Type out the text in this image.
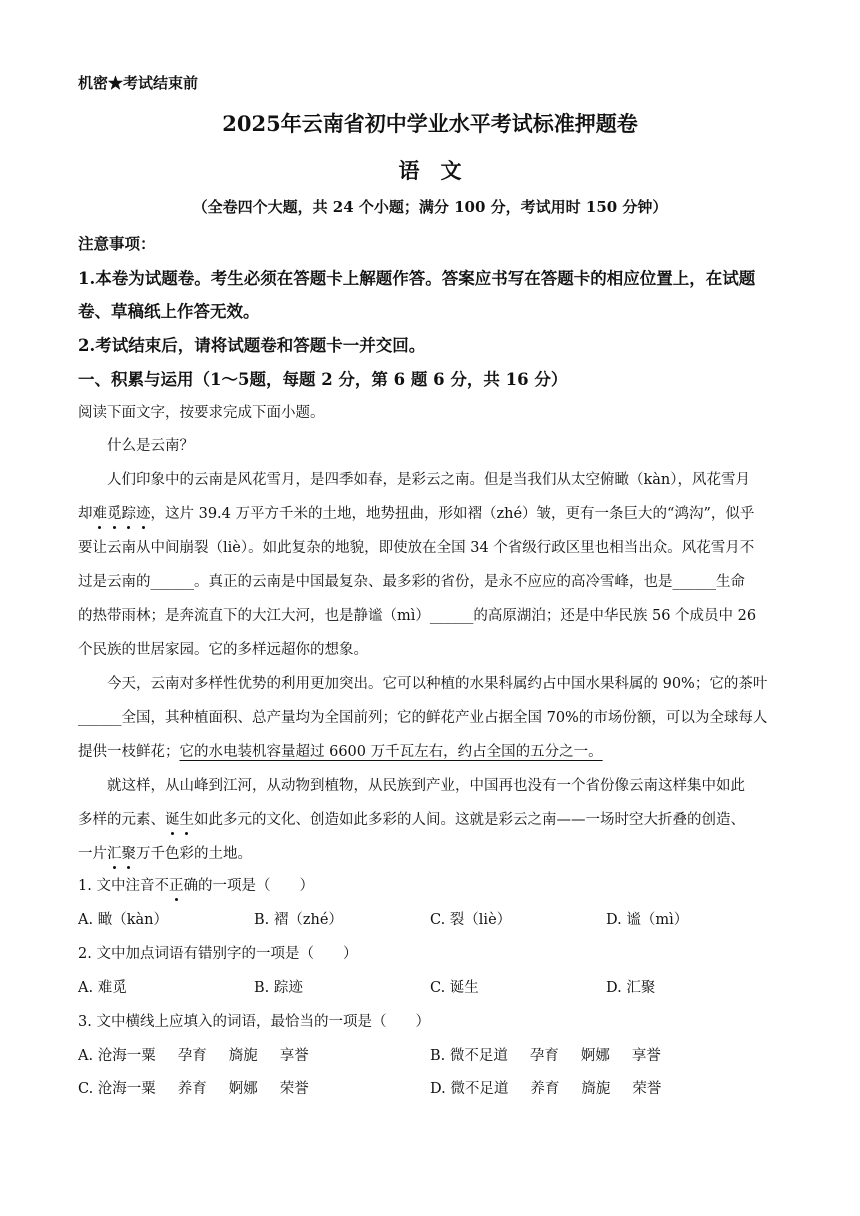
机密★考试结束前
2025年云南省初中学业水平考试标准押题卷
语　文
（全卷四个大题，共 24 个小题；满分 100 分，考试用时 150 分钟）
注意事项：
1.本卷为试题卷。考生必须在答题卡上解题作答。答案应书写在答题卡的相应位置上，在试题
卷、草稿纸上作答无效。
2.考试结束后，请将试题卷和答题卡一并交回。
一、积累与运用（1～5题，每题 2 分，第 6 题 6 分，共 16 分）
阅读下面文字，按要求完成下面小题。
什么是云南？
人们印象中的云南是风花雪月，是四季如春，是彩云之南。但是当我们从太空俯瞰（kàn），风花雪月
却难觅踪迹，这片 39.4 万平方千米的土地，地势扭曲，形如褶（zhé）皱，更有一条巨大的“鸿沟”，似乎
要让云南从中间崩裂（liè）。如此复杂的地貌，即使放在全国 34 个省级行政区里也相当出众。风花雪月不
过是云南的______。真正的云南是中国最复杂、最多彩的省份，是永不应应的高冷雪峰，也是______生命
的热带雨林；是奔流直下的大江大河，也是静谧（mì）______的高原湖泊；还是中华民族 56 个成员中 26
个民族的世居家园。它的多样远超你的想象。
今天，云南对多样性优势的利用更加突出。它可以种植的水果科属约占中国水果科属的 90%；它的茶叶
______全国，其种植面积、总产量均为全国前列；它的鲜花产业占据全国 70%的市场份额，可以为全球每人
提供一枝鲜花；它的水电装机容量超过 6600 万千瓦左右，约占全国的五分之一。
就这样，从山峰到江河，从动物到植物，从民族到产业，中国再也没有一个省份像云南这样集中如此
多样的元素、诞生如此多元的文化、创造如此多彩的人间。这就是彩云之南——一场时空大折叠的创造、
一片汇聚万千色彩的土地。
1. 文中注音不正确的一项是（　　）
A. 瞰（kàn）	B. 褶（zhé）	C. 裂（liè）	D. 谧（mì）
2. 文中加点词语有错别字的一项是（　　）
A. 难觅	B. 踪迹	C. 诞生	D. 汇聚
3. 文中横线上应填入的词语，最恰当的一项是（　　）
A. 沧海一粟 孕育 旖旎 享誉	B. 微不足道 孕育 婀娜 享誉
C. 沧海一粟 养育 婀娜 荣誉	D. 微不足道 养育 旖旎 荣誉
